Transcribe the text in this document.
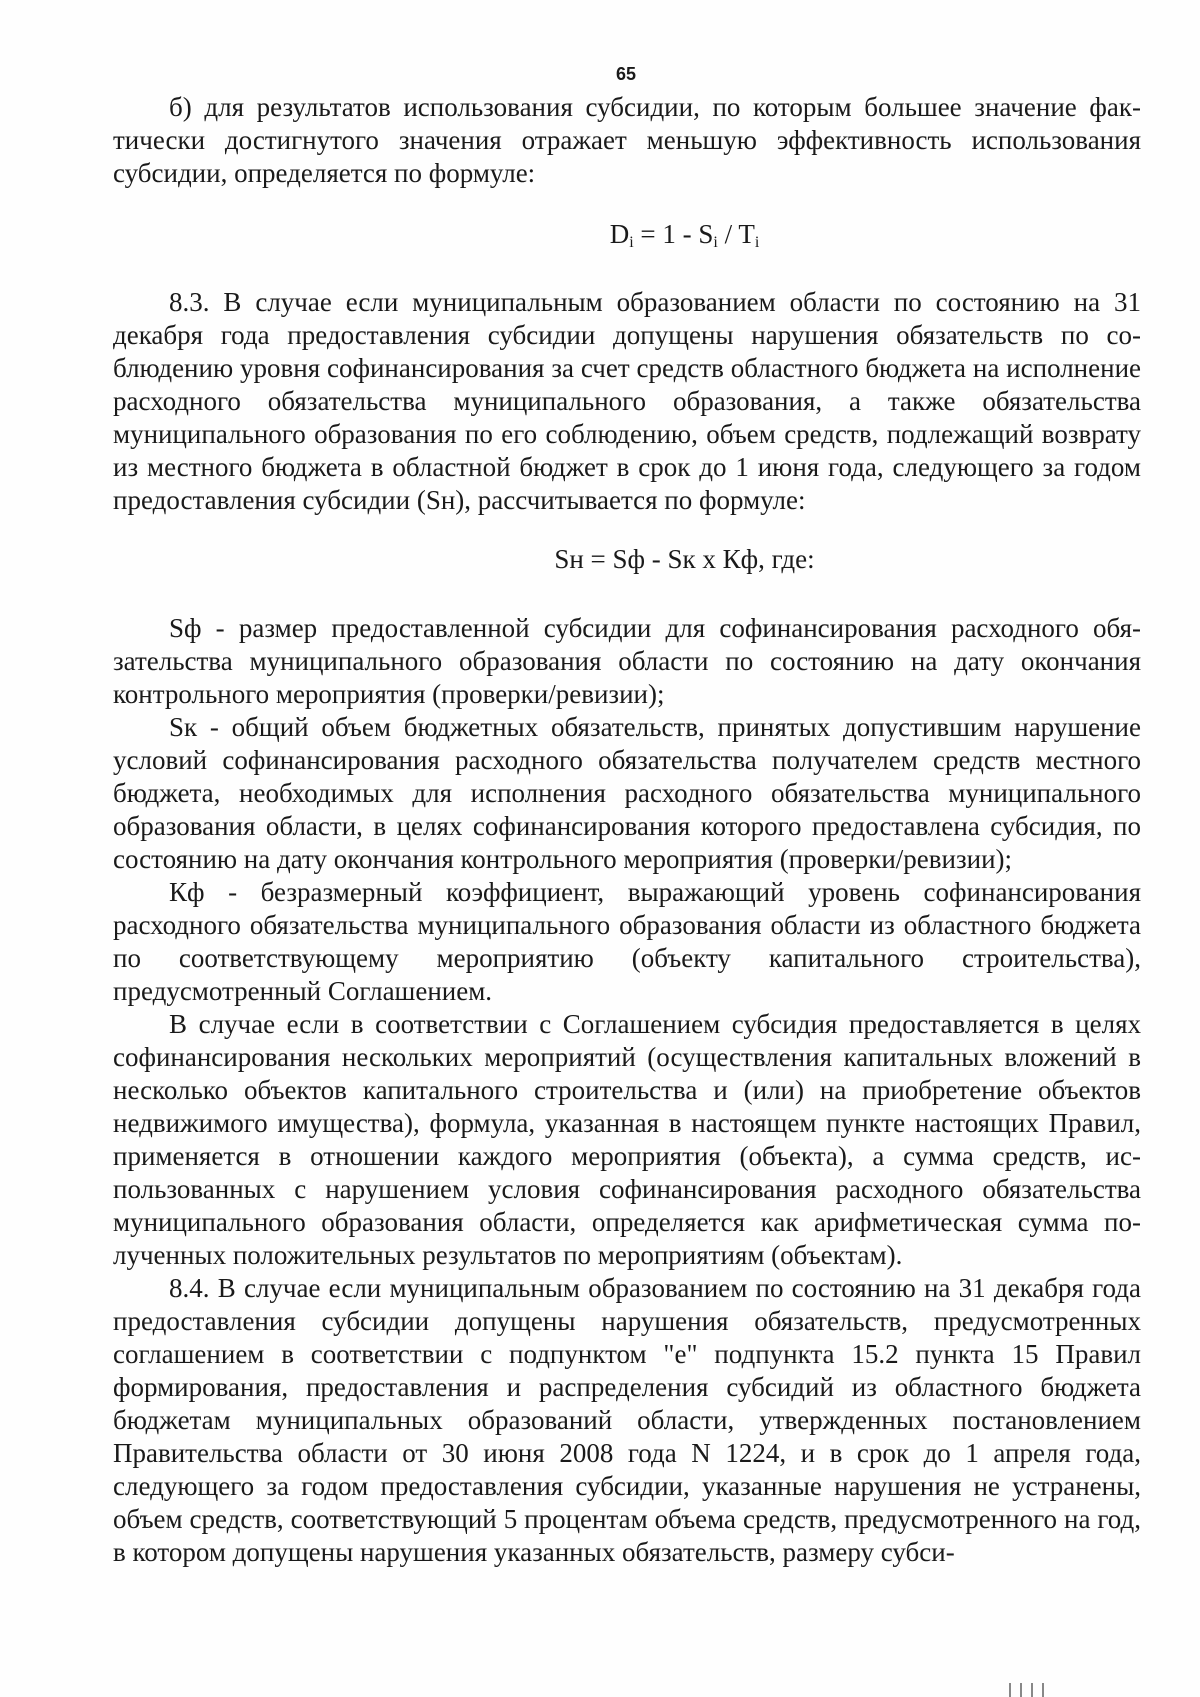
65

б) для результатов использования субсидии, по которым большее значение фактически достигнутого значения отражает меньшую эффективность использования субсидии, определяется по формуле:

$D_i = 1 - S_i / T_i$

8.3. В случае если муниципальным образованием области по состоянию на 31 декабря года предоставления субсидии допущены нарушения обязательств по соблюдению уровня софинансирования за счет средств областного бюджета на исполнение расходного обязательства муниципального образования, а также обязательства муниципального образования по его соблюдению, объем средств, подлежащий возврату из местного бюджета в областной бюджет в срок до 1 июня года, следующего за годом предоставления субсидии (Sн), рассчитывается по формуле:

Sн = Sф - Sк x Кф, где:

Sф - размер предоставленной субсидии для софинансирования расходного обязательства муниципального образования области по состоянию на дату окончания контрольного мероприятия (проверки/ревизии);

Sк - общий объем бюджетных обязательств, принятых допустившим нарушение условий софинансирования расходного обязательства получателем средств местного бюджета, необходимых для исполнения расходного обязательства муниципального образования области, в целях софинансирования которого предоставлена субсидия, по состоянию на дату окончания контрольного мероприятия (проверки/ревизии);

Кф - безразмерный коэффициент, выражающий уровень софинансирования расходного обязательства муниципального образования области из областного бюджета по соответствующему мероприятию (объекту капитального строительства), предусмотренный Соглашением.

В случае если в соответствии с Соглашением субсидия предоставляется в целях софинансирования нескольких мероприятий (осуществления капитальных вложений в несколько объектов капитального строительства и (или) на приобретение объектов недвижимого имущества), формула, указанная в настоящем пункте настоящих Правил, применяется в отношении каждого мероприятия (объекта), а сумма средств, использованных с нарушением условия софинансирования расходного обязательства муниципального образования области, определяется как арифметическая сумма полученных положительных результатов по мероприятиям (объектам).

8.4. В случае если муниципальным образованием по состоянию на 31 декабря года предоставления субсидии допущены нарушения обязательств, предусмотренных соглашением в соответствии с подпунктом "е" подпункта 15.2 пункта 15 Правил формирования, предоставления и распределения субсидий из областного бюджета бюджетам муниципальных образований области, утвержденных постановлением Правительства области от 30 июня 2008 года N 1224, и в срок до 1 апреля года, следующего за годом предоставления субсидии, указанные нарушения не устранены, объем средств, соответствующий 5 процентам объема средств, предусмотренного на год, в котором допущены нарушения указанных обязательств, размеру субси-
